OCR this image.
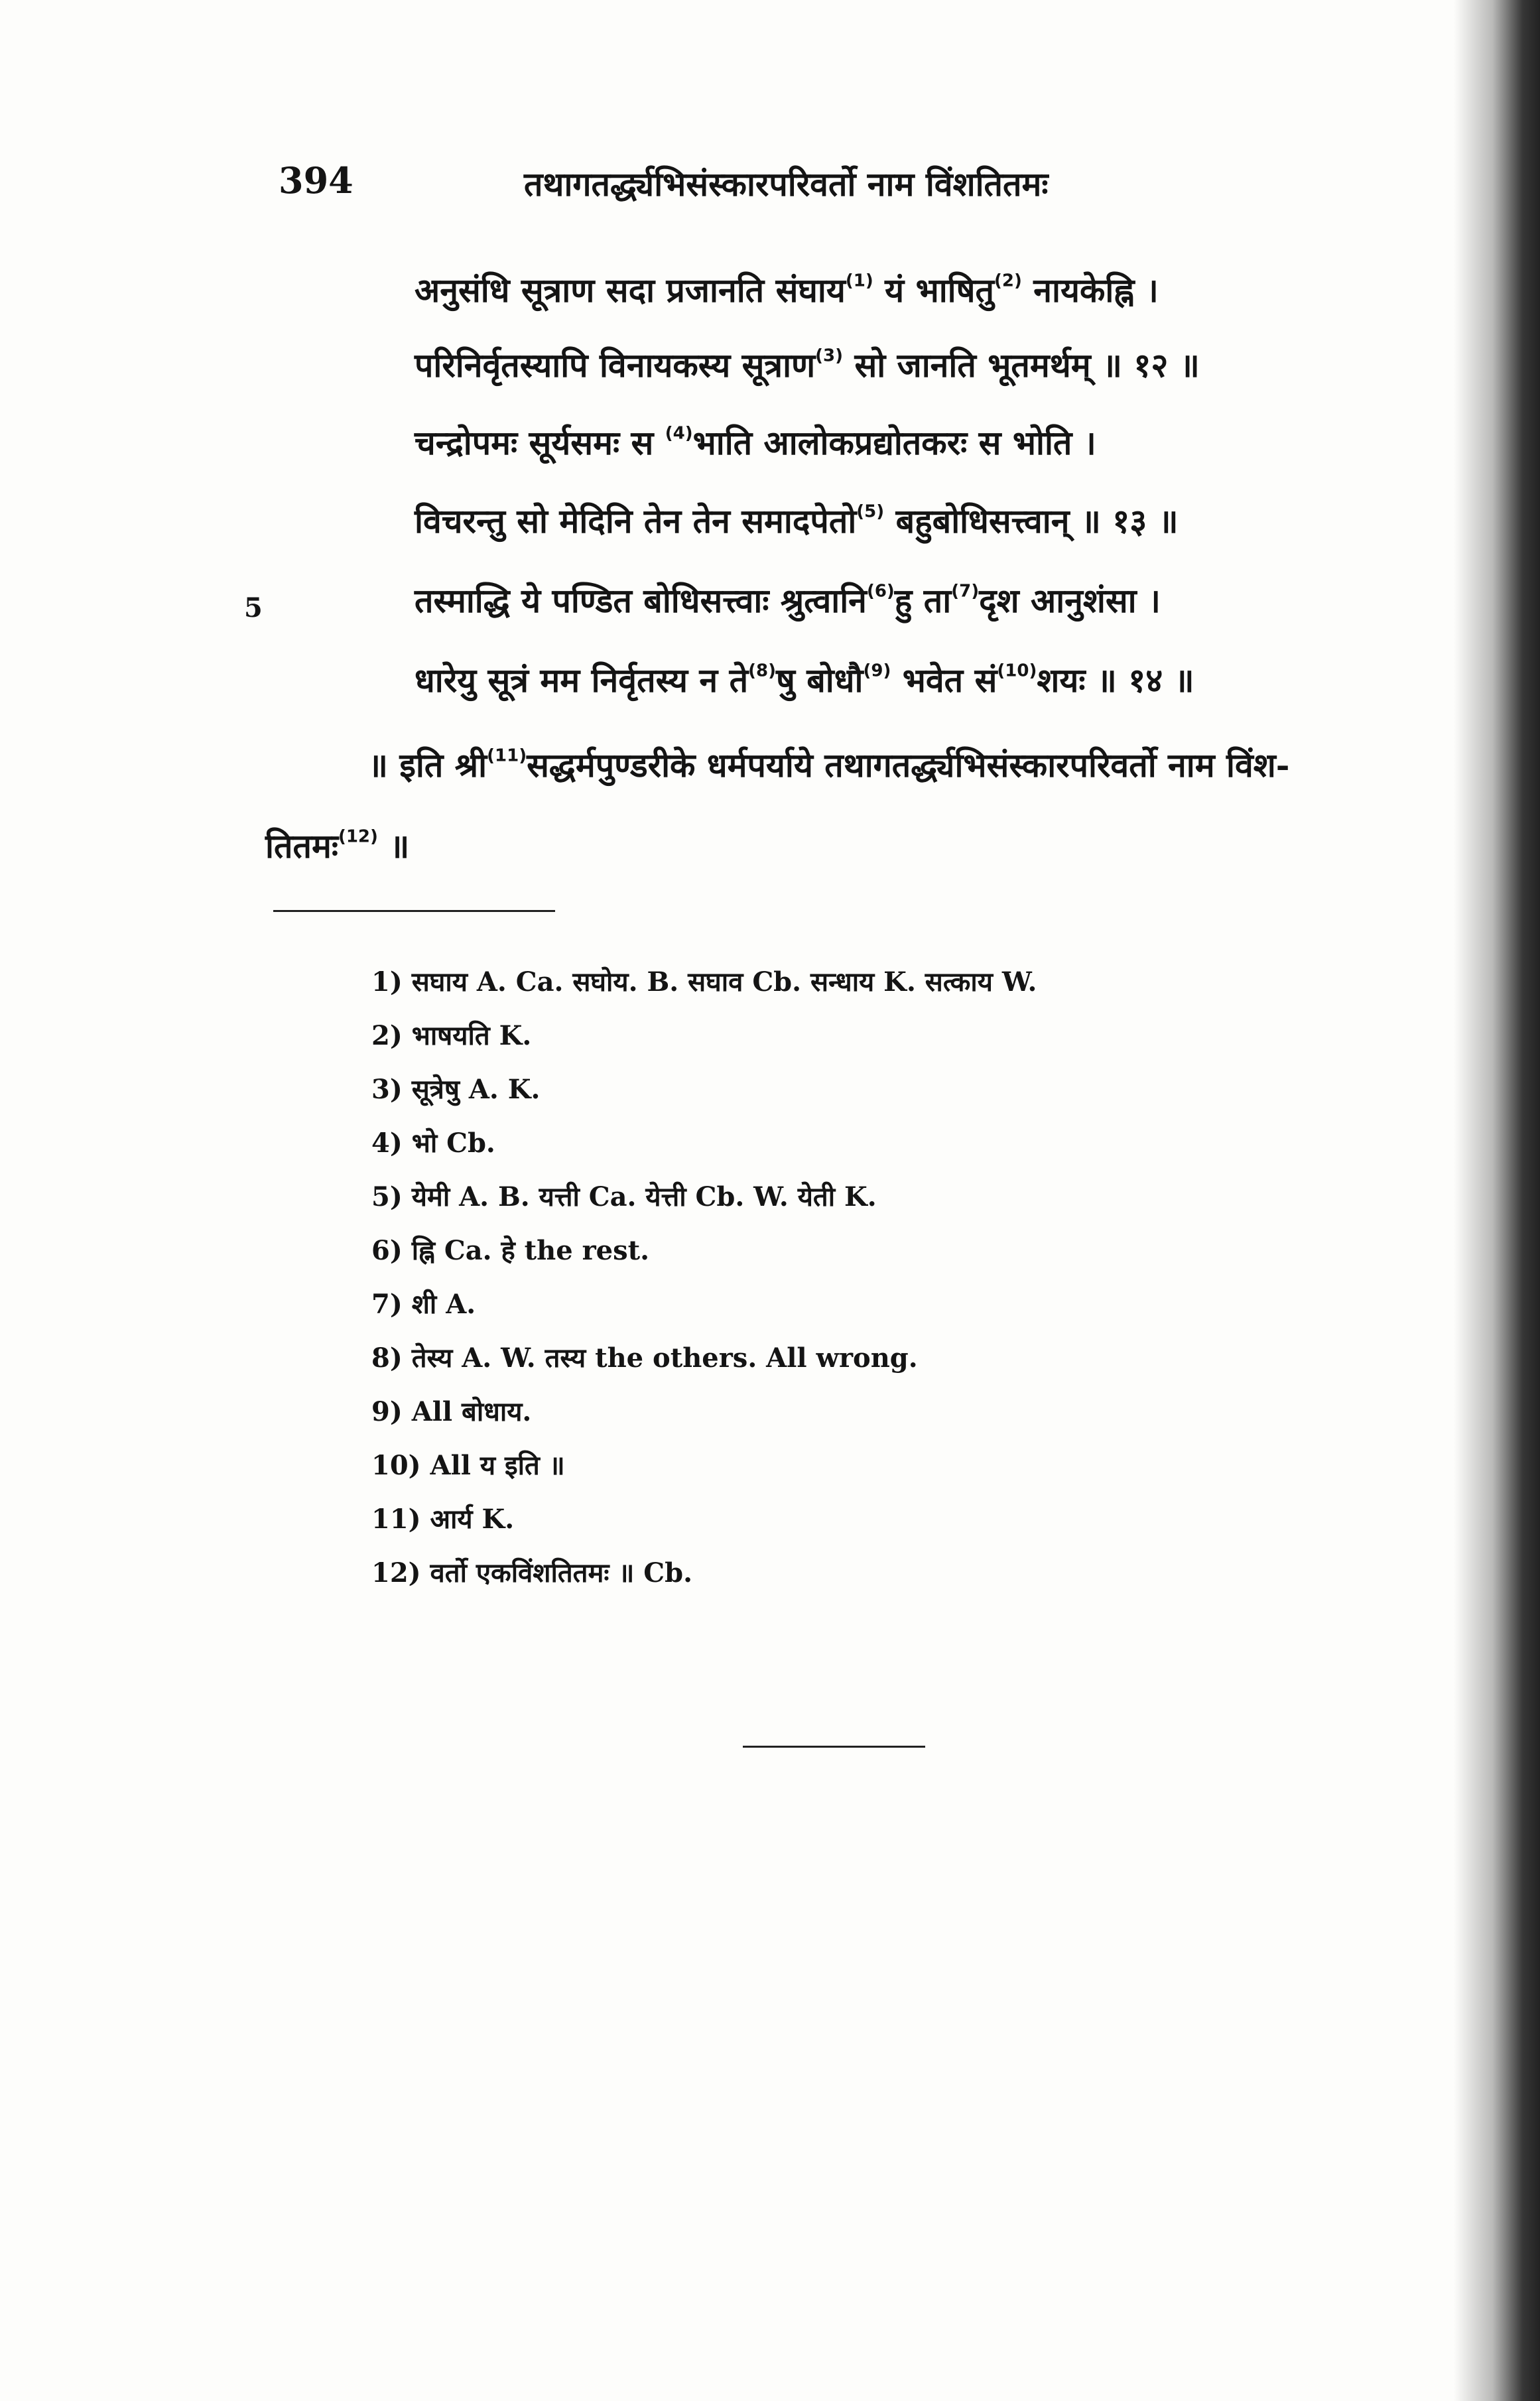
394	तथागतर्द्ध्यभिसंस्कारपरिवर्तो नाम विंशतितमः
अनुसंधि सूत्राण सदा प्रजानति संघाय$^{(1)}$ यं भाषितु$^{(2)}$ नायकेह्नि ।
परिनिर्वृतस्यापि विनायकस्य सूत्राण$^{(3)}$ सो जानति भूतमर्थम् ॥ १२ ॥
चन्द्रोपमः सूर्यसमः स $^{(4)}$भाति आलोकप्रद्योतकरः स भोति ।
विचरन्तु सो मेदिनि तेन तेन समादपेतो$^{(5)}$ बहुबोधिसत्त्वान् ॥ १३ ॥
5	तस्माद्धि ये पण्डित बोधिसत्त्वाः श्रुत्वानि$^{(6)}$हु ता$^{(7)}$दृश आनुशंसा ।
धारेयु सूत्रं मम निर्वृतस्य न ते$^{(8)}$षु बोधौ$^{(9)}$ भवेत सं$^{(10)}$शयः ॥ १४ ॥
॥ इति श्री$^{(11)}$सद्धर्मपुण्डरीके धर्मपर्याये तथागतर्द्ध्यभिसंस्कारपरिवर्तो नाम विंश-
तितमः$^{(12)}$ ॥
1) सघाय A. Ca. सघोय. B. सघाव Cb. सन्धाय K. सत्काय W.
2) भाषयति K.
3) सूत्रेषु A. K.
4) भो Cb.
5) येमी A. B. यत्ती Ca. येत्ती Cb. W. येती K.
6) ह्नि Ca. हे the rest.
7) शी A.
8) तेस्य A. W. तस्य the others. All wrong.
9) All बोधाय.
10) All य इति ॥
11) आर्य K.
12) वर्तो एकविंशतितमः ॥ Cb.
